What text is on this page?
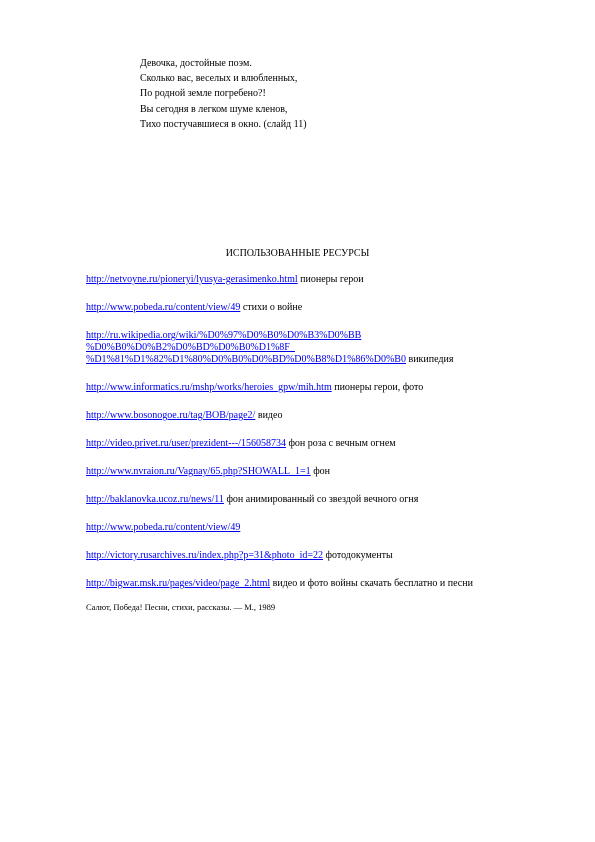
Девочка, достойные поэм.
Сколько вас, веселых и влюбленных,
По родной земле погребено?!
Вы сегодня в легком шуме кленов,
Тихо постучавшиеся в окно. (слайд 11)
ИСПОЛЬЗОВАННЫЕ РЕСУРСЫ
http://netvoyne.ru/pioneryi/lyusya-gerasimenko.html пионеры герои
http://www.pobeda.ru/content/view/49 стихи о войне
http://ru.wikipedia.org/wiki/%D0%97%D0%B0%D0%B3%D0%BB
%D0%B0%D0%B2%D0%BD%D0%B0%D1%8F_
%D1%81%D1%82%D1%80%D0%B0%D0%BD%D0%B8%D1%86%D0%B0 википедия
http://www.informatics.ru/mshp/works/heroies_gpw/mih.htm пионеры герои, фото
http://www.bosonogoe.ru/tag/ВОВ/page2/ видео
http://video.privet.ru/user/prezident---/156058734 фон роза с вечным огнем
http://www.nvraion.ru/Vagnay/65.php?SHOWALL_1=1 фон
http://baklanovka.ucoz.ru/news/11 фон анимированный со звездой вечного огня
http://www.pobeda.ru/content/view/49
http://victory.rusarchives.ru/index.php?p=31&photo_id=22 фотодокументы
http://bigwar.msk.ru/pages/video/page_2.html видео и фото войны скачать бесплатно и песни
Салют, Победа! Песни, стихи, рассказы. — М., 1989
